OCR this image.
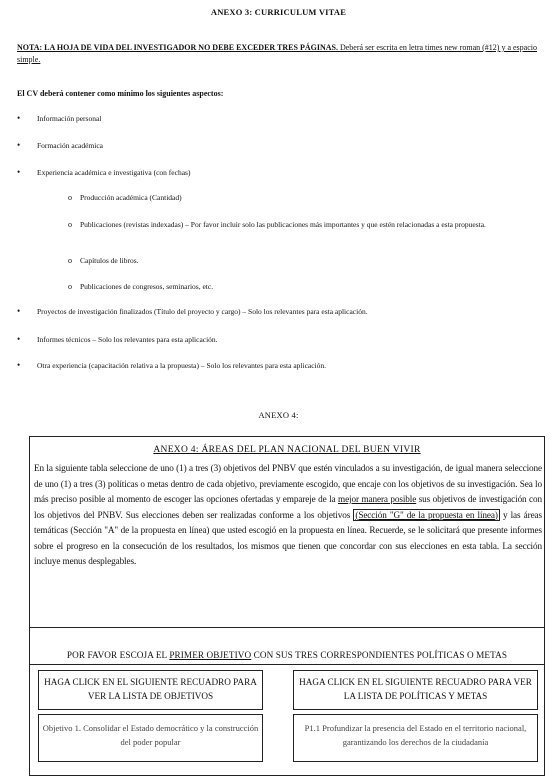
ANEXO 3: CURRICULUM VITAE
NOTA: LA HOJA DE VIDA DEL INVESTIGADOR NO DEBE EXCEDER TRES PÁGINAS. Deberá ser escrita en letra times new roman (#12) y a espacio simple.
El CV deberá contener como mínimo los siguientes aspectos:
• Información personal
• Formación académica
• Experiencia académica e investigativa (con fechas)
o Producción académica (Cantidad)
o Publicaciones (revistas indexadas) – Por favor incluir solo las publicaciones más importantes y que estén relacionadas a esta propuesta.
o Capítulos de libros.
o Publicaciones de congresos, seminarios, etc.
• Proyectos de investigación finalizados (Título del proyecto y cargo) – Solo los relevantes para esta aplicación.
• Informes técnicos – Solo los relevantes para esta aplicación.
• Otra experiencia (capacitación relativa a la propuesta) – Solo los relevantes para esta aplicación.
ANEXO 4:
ANEXO 4: ÁREAS DEL PLAN NACIONAL DEL BUEN VIVIR
En la siguiente tabla seleccione de uno (1) a tres (3) objetivos del PNBV que estén vinculados a su investigación, de igual manera seleccione de uno (1) a tres (3) políticas o metas dentro de cada objetivo, previamente escogido, que encaje con los objetivos de su investigación. Sea lo más preciso posible al momento de escoger las opciones ofertadas y empareje de la mejor manera posible sus objetivos de investigación con los objetivos del PNBV. Sus elecciones deben ser realizadas conforme a los objetivos (Sección "G" de la propuesta en línea) y las áreas temáticas (Sección "A" de la propuesta en línea) que usted escogió en la propuesta en línea. Recuerde, se le solicitará que presente informes sobre el progreso en la consecución de los resultados, los mismos que tienen que concordar con sus elecciones en esta tabla. La sección incluye menus desplegables.
POR FAVOR ESCOJA EL PRIMER OBJETIVO CON SUS TRES CORRESPONDIENTES POLÍTICAS O METAS
HAGA CLICK EN EL SIGUIENTE RECUADRO PARA VER LA LISTA DE OBJETIVOS
HAGA CLICK EN EL SIGUIENTE RECUADRO PARA VER LA LISTA DE POLÍTICAS Y METAS
Objetivo 1. Consolidar el Estado democrático y la construcción del poder popular
P1.1 Profundizar la presencia del Estado en el territorio nacional, garantizando los derechos de la ciudadanía
